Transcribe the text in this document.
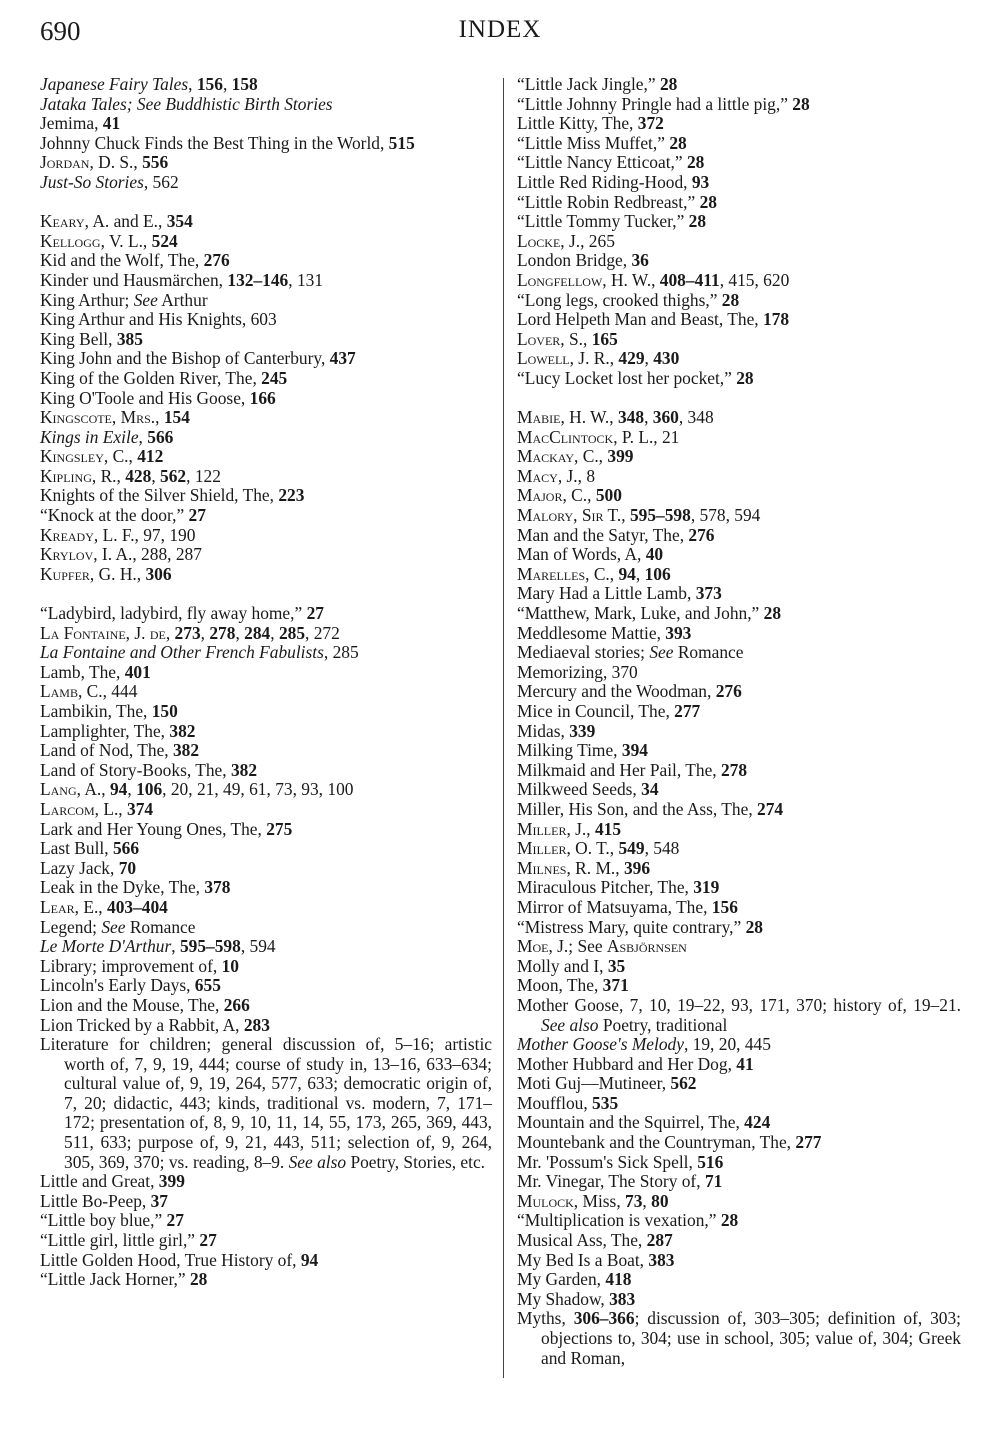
690	INDEX

Japanese Fairy Tales, 156, 158

Jataka Tales; See Buddhistic Birth Stories

Jemima, 41

Johnny Chuck Finds the Best Thing in the World, 515

Jordan, D. S., 556

Just-So Stories, 562

Keary, A. and E., 354

Kellogg, V. L., 524

Kid and the Wolf, The, 276

Kinder und Hausmärchen, 132–146, 131

King Arthur; See Arthur

King Arthur and His Knights, 603

King Bell, 385

King John and the Bishop of Canterbury, 437

King of the Golden River, The, 245

King O'Toole and His Goose, 166

Kingscote, Mrs., 154

Kings in Exile, 566

Kingsley, C., 412

Kipling, R., 428, 562, 122

Knights of the Silver Shield, The, 223

“Knock at the door,” 27

Kready, L. F., 97, 190

Krylov, I. A., 288, 287

Kupfer, G. H., 306

“Ladybird, ladybird, fly away home,” 27

La Fontaine, J. de, 273, 278, 284, 285, 272

La Fontaine and Other French Fabulists, 285

Lamb, The, 401

Lamb, C., 444

Lambikin, The, 150

Lamplighter, The, 382

Land of Nod, The, 382

Land of Story-Books, The, 382

Lang, A., 94, 106, 20, 21, 49, 61, 73, 93, 100

Larcom, L., 374

Lark and Her Young Ones, The, 275

Last Bull, 566

Lazy Jack, 70

Leak in the Dyke, The, 378

Lear, E., 403–404

Legend; See Romance

Le Morte D'Arthur, 595–598, 594

Library; improvement of, 10

Lincoln's Early Days, 655

Lion and the Mouse, The, 266

Lion Tricked by a Rabbit, A, 283

Literature for children; general discussion of, 5–16; artistic worth of, 7, 9, 19, 444; course of study in, 13–16, 633–634; cultural value of, 9, 19, 264, 577, 633; democratic origin of, 7, 20; didactic, 443; kinds, traditional vs. modern, 7, 171–172; presentation of, 8, 9, 10, 11, 14, 55, 173, 265, 369, 443, 511, 633; purpose of, 9, 21, 443, 511; selection of, 9, 264, 305, 369, 370; vs. reading, 8–9. See also Poetry, Stories, etc.

Little and Great, 399

Little Bo-Peep, 37

“Little boy blue,” 27

“Little girl, little girl,” 27

Little Golden Hood, True History of, 94

“Little Jack Horner,” 28

“Little Jack Jingle,” 28

“Little Johnny Pringle had a little pig,” 28

Little Kitty, The, 372

“Little Miss Muffet,” 28

“Little Nancy Etticoat,” 28

Little Red Riding-Hood, 93

“Little Robin Redbreast,” 28

“Little Tommy Tucker,” 28

Locke, J., 265

London Bridge, 36

Longfellow, H. W., 408–411, 415, 620

“Long legs, crooked thighs,” 28

Lord Helpeth Man and Beast, The, 178

Lover, S., 165

Lowell, J. R., 429, 430

“Lucy Locket lost her pocket,” 28

Mabie, H. W., 348, 360, 348

MacClintock, P. L., 21

Mackay, C., 399

Macy, J., 8

Major, C., 500

Malory, Sir T., 595–598, 578, 594

Man and the Satyr, The, 276

Man of Words, A, 40

Marelles, C., 94, 106

Mary Had a Little Lamb, 373

“Matthew, Mark, Luke, and John,” 28

Meddlesome Mattie, 393

Mediaeval stories; See Romance

Memorizing, 370

Mercury and the Woodman, 276

Mice in Council, The, 277

Midas, 339

Milking Time, 394

Milkmaid and Her Pail, The, 278

Milkweed Seeds, 34

Miller, His Son, and the Ass, The, 274

Miller, J., 415

Miller, O. T., 549, 548

Milnes, R. M., 396

Miraculous Pitcher, The, 319

Mirror of Matsuyama, The, 156

“Mistress Mary, quite contrary,” 28

Moe, J.; See Asbjörnsen

Molly and I, 35

Moon, The, 371

Mother Goose, 7, 10, 19–22, 93, 171, 370; history of, 19–21. See also Poetry, traditional

Mother Goose's Melody, 19, 20, 445

Mother Hubbard and Her Dog, 41

Moti Guj—Mutineer, 562

Moufflou, 535

Mountain and the Squirrel, The, 424

Mountebank and the Countryman, The, 277

Mr. 'Possum's Sick Spell, 516

Mr. Vinegar, The Story of, 71

Mulock, Miss, 73, 80

“Multiplication is vexation,” 28

Musical Ass, The, 287

My Bed Is a Boat, 383

My Garden, 418

My Shadow, 383

Myths, 306–366; discussion of, 303–305; definition of, 303; objections to, 304; use in school, 305; value of, 304; Greek and Roman,
